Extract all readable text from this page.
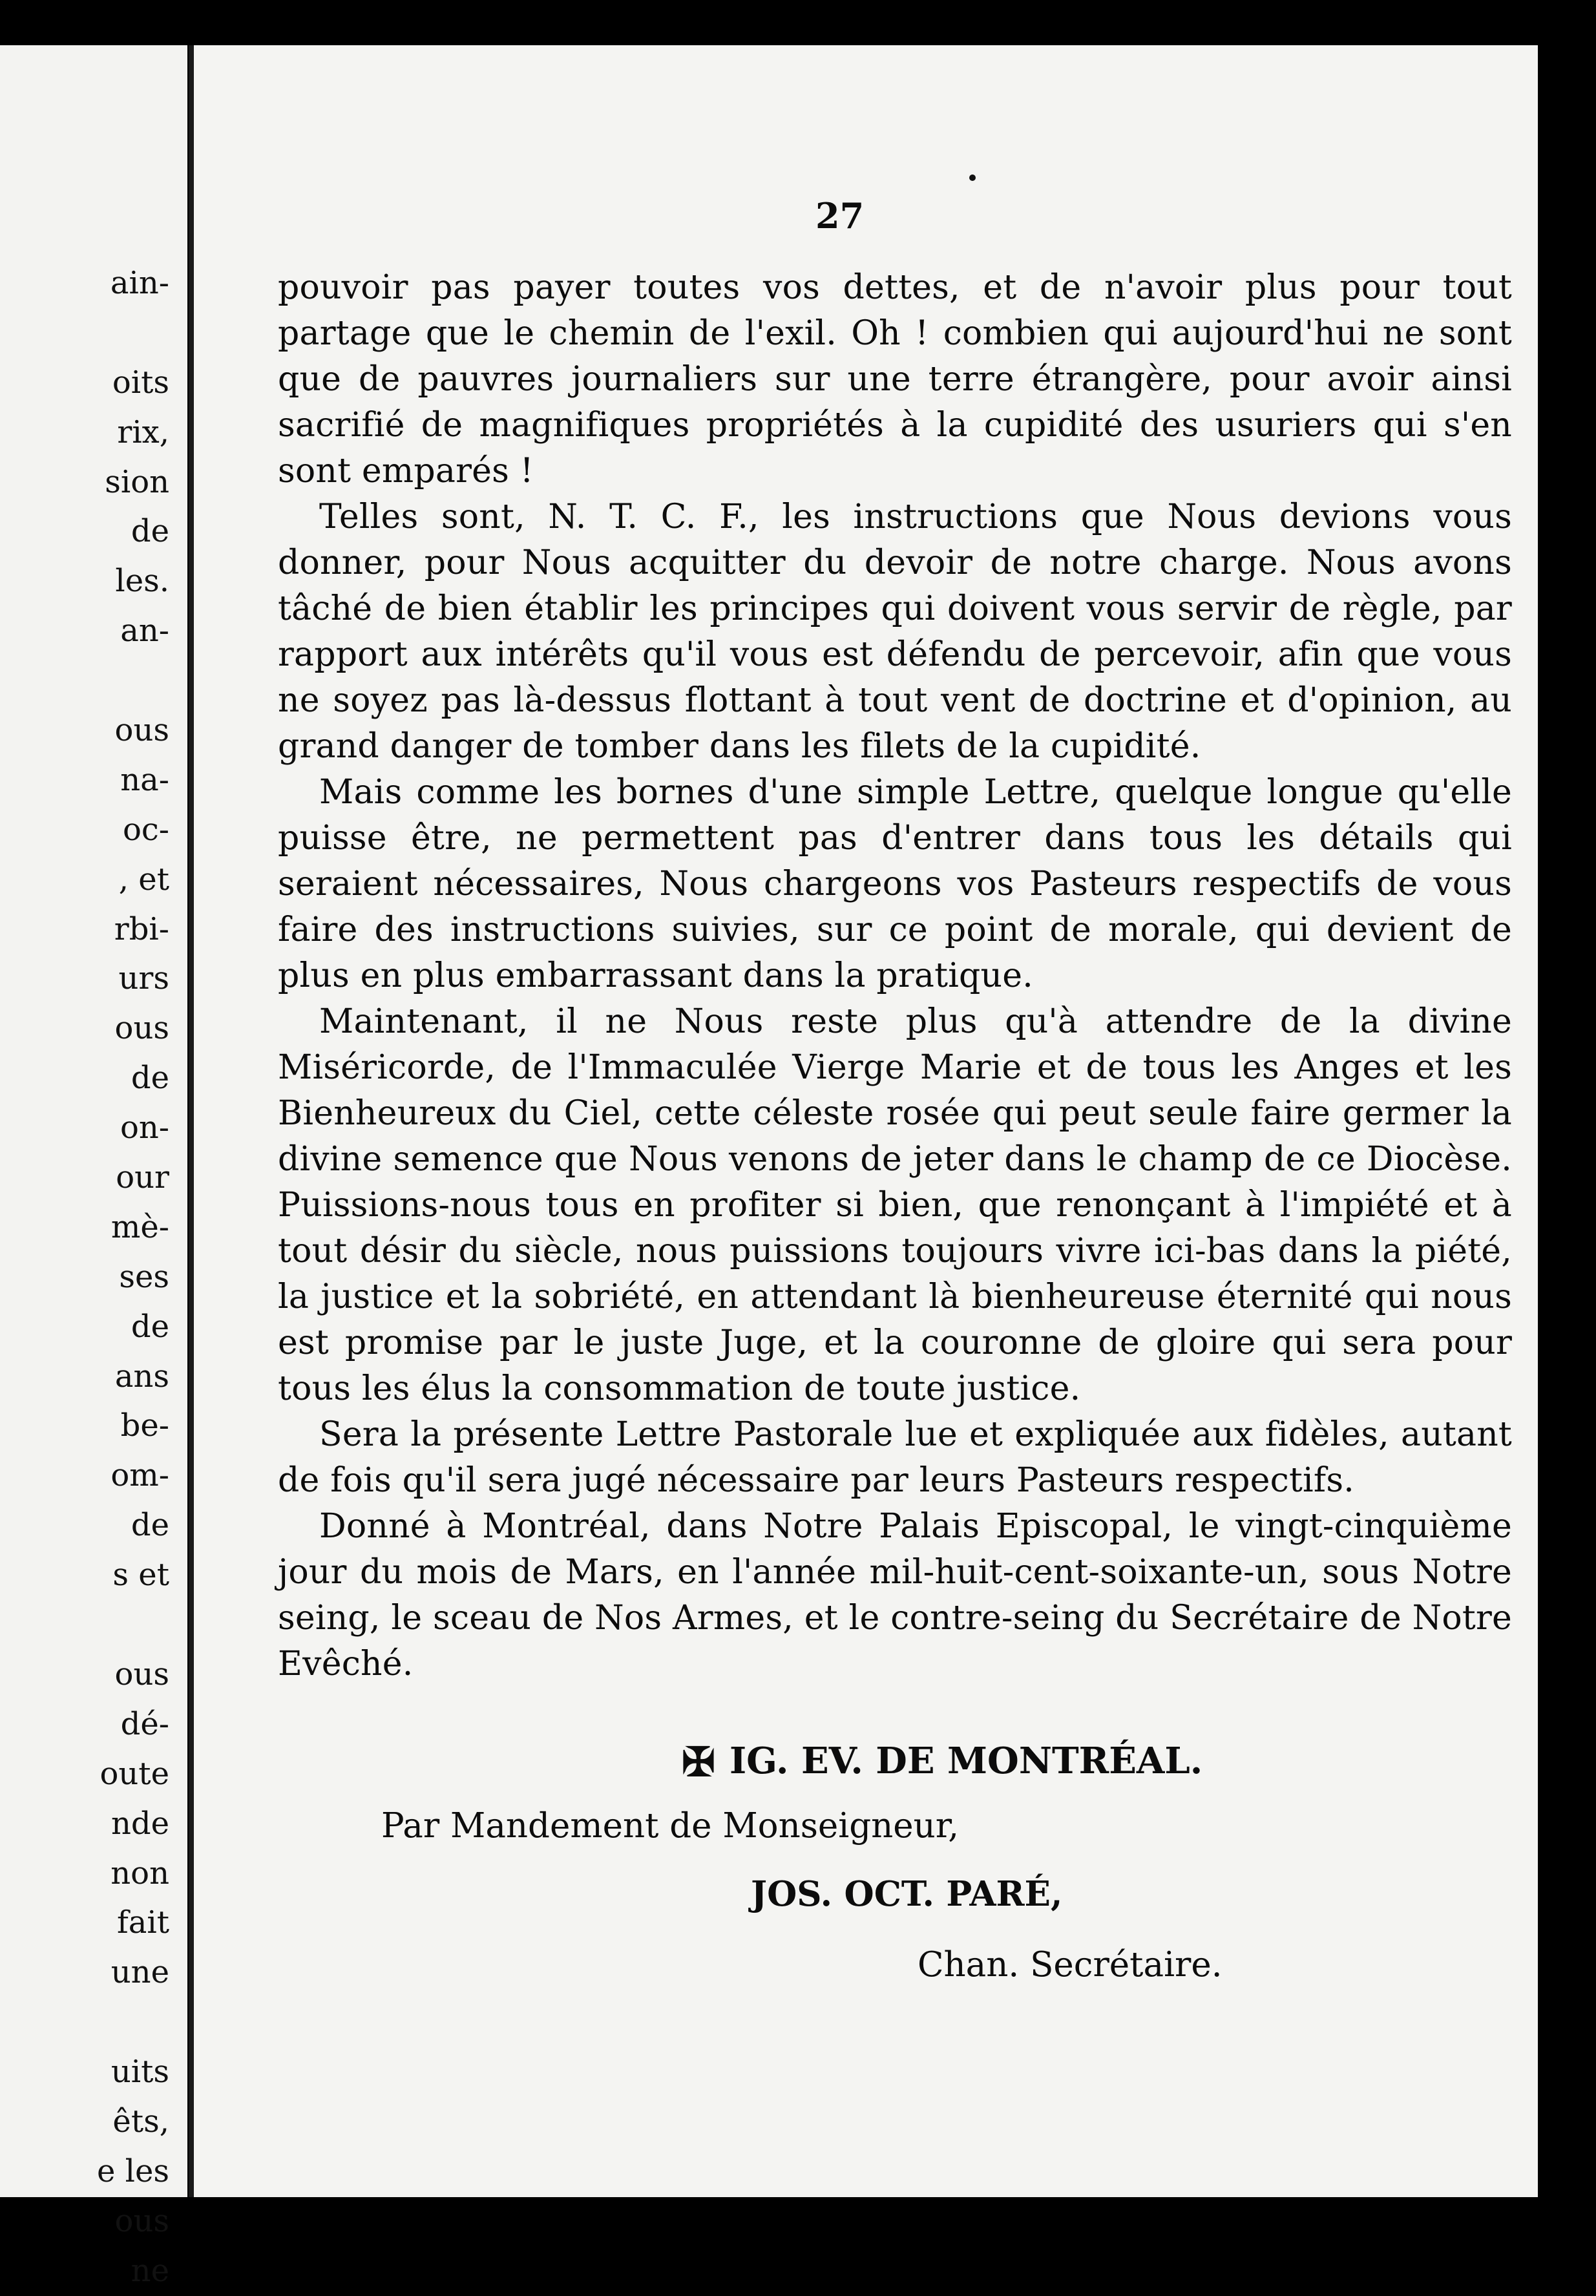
ain-
oits
rix,
sion
de
les.
an-
ous
na-
oc-
, et
rbi-
urs
ous
de
on-
our
mè-
ses
de
ans
be-
om-
de
s et
ous
dé-
oute
nde
non
fait
une
uits
êts,
e les
ous
ne
27

pouvoir pas payer toutes vos dettes, et de n'avoir plus pour tout partage que le chemin de l'exil. Oh ! combien qui aujourd'hui ne sont que de pauvres journaliers sur une terre étrangère, pour avoir ainsi sacrifié de magnifiques propriétés à la cupidité des usuriers qui s'en sont emparés !

Telles sont, N. T. C. F., les instructions que Nous devions vous donner, pour Nous acquitter du devoir de notre charge. Nous avons tâché de bien établir les principes qui doivent vous servir de règle, par rapport aux intérêts qu'il vous est défendu de percevoir, afin que vous ne soyez pas là-dessus flottant à tout vent de doctrine et d'opinion, au grand danger de tomber dans les filets de la cupidité.

Mais comme les bornes d'une simple Lettre, quelque longue qu'elle puisse être, ne permettent pas d'entrer dans tous les détails qui seraient nécessaires, Nous chargeons vos Pasteurs respectifs de vous faire des instructions suivies, sur ce point de morale, qui devient de plus en plus embarrassant dans la pratique.

Maintenant, il ne Nous reste plus qu'à attendre de la divine Miséricorde, de l'Immaculée Vierge Marie et de tous les Anges et les Bienheureux du Ciel, cette céleste rosée qui peut seule faire germer la divine semence que Nous venons de jeter dans le champ de ce Diocèse. Puissions-nous tous en profiter si bien, que renonçant à l'impiété et à tout désir du siècle, nous puissions toujours vivre ici-bas dans la piété, la justice et la sobriété, en attendant là bienheureuse éternité qui nous est promise par le juste Juge, et la couronne de gloire qui sera pour tous les élus la consommation de toute justice.

Sera la présente Lettre Pastorale lue et expliquée aux fidèles, autant de fois qu'il sera jugé nécessaire par leurs Pasteurs respectifs.

Donné à Montréal, dans Notre Palais Episcopal, le vingt-cinquième jour du mois de Mars, en l'année mil-huit-cent-soixante-un, sous Notre seing, le sceau de Nos Armes, et le contre-seing du Secrétaire de Notre Evêché.

✠ IG. EV. DE MONTRÉAL.
Par Mandement de Monseigneur,
JOS. OCT. PARÉ,
Chan. Secrétaire.
